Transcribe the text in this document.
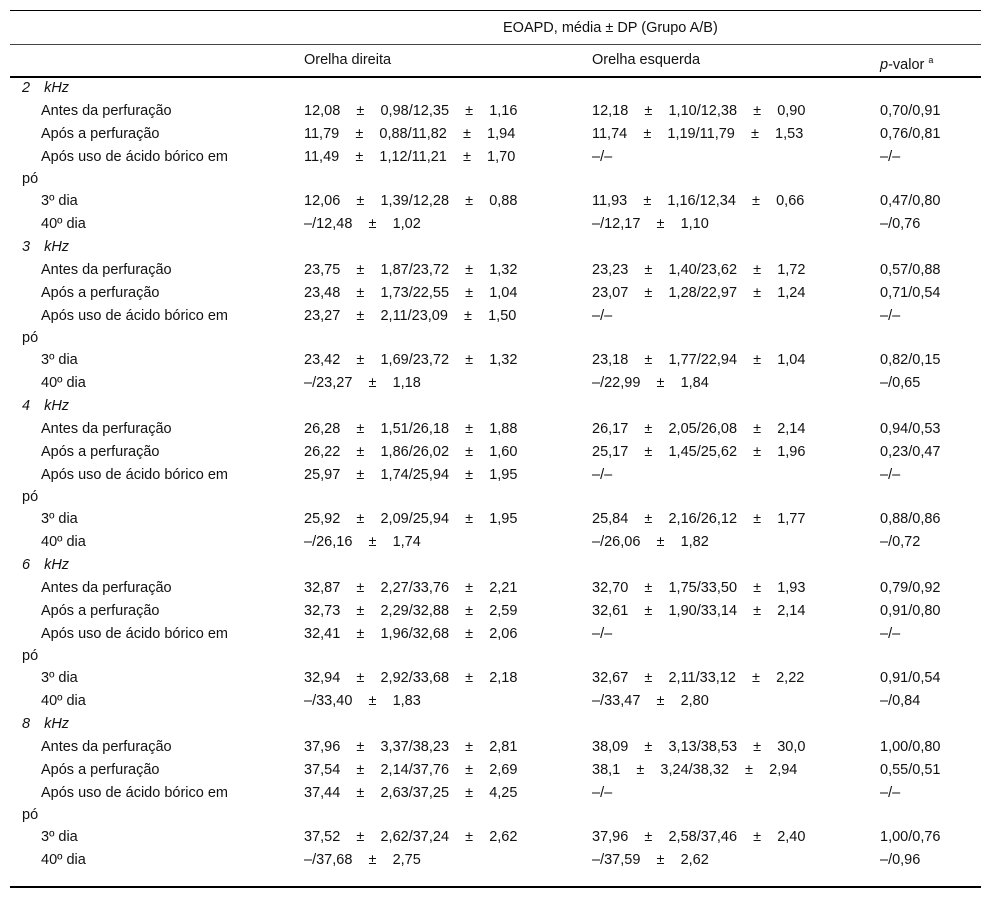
EOAPD, média ± DP (Grupo A/B)
Orelha direita	Orelha esquerda	p-valor $^a$
2 kHz
Antes da perfuração	12,08    ±    0,98/12,35    ±    1,16	12,18    ±    1,10/12,38    ±    0,90	0,70/0,91
Após a perfuração	11,79    ±    0,88/11,82    ±    1,94	11,74    ±    1,19/11,79    ±    1,53	0,76/0,81
Após uso de ácido bórico em	11,49    ±    1,12/11,21    ±    1,70	–/–	–/–
pó
3º dia	12,06    ±    1,39/12,28    ±    0,88	11,93    ±    1,16/12,34    ±    0,66	0,47/0,80
40º dia	–/12,48    ±    1,02	–/12,17    ±    1,10	–/0,76
3 kHz
Antes da perfuração	23,75    ±    1,87/23,72    ±    1,32	23,23    ±    1,40/23,62    ±    1,72	0,57/0,88
Após a perfuração	23,48    ±    1,73/22,55    ±    1,04	23,07    ±    1,28/22,97    ±    1,24	0,71/0,54
Após uso de ácido bórico em	23,27    ±    2,11/23,09    ±    1,50	–/–	–/–
pó
3º dia	23,42    ±    1,69/23,72    ±    1,32	23,18    ±    1,77/22,94    ±    1,04	0,82/0,15
40º dia	–/23,27    ±    1,18	–/22,99    ±    1,84	–/0,65
4 kHz
Antes da perfuração	26,28    ±    1,51/26,18    ±    1,88	26,17    ±    2,05/26,08    ±    2,14	0,94/0,53
Após a perfuração	26,22    ±    1,86/26,02    ±    1,60	25,17    ±    1,45/25,62    ±    1,96	0,23/0,47
Após uso de ácido bórico em	25,97    ±    1,74/25,94    ±    1,95	–/–	–/–
pó
3º dia	25,92    ±    2,09/25,94    ±    1,95	25,84    ±    2,16/26,12    ±    1,77	0,88/0,86
40º dia	–/26,16    ±    1,74	–/26,06    ±    1,82	–/0,72
6 kHz
Antes da perfuração	32,87    ±    2,27/33,76    ±    2,21	32,70    ±    1,75/33,50    ±    1,93	0,79/0,92
Após a perfuração	32,73    ±    2,29/32,88    ±    2,59	32,61    ±    1,90/33,14    ±    2,14	0,91/0,80
Após uso de ácido bórico em	32,41    ±    1,96/32,68    ±    2,06	–/–	–/–
pó
3º dia	32,94    ±    2,92/33,68    ±    2,18	32,67    ±    2,11/33,12    ±    2,22	0,91/0,54
40º dia	–/33,40    ±    1,83	–/33,47    ±    2,80	–/0,84
8 kHz
Antes da perfuração	37,96    ±    3,37/38,23    ±    2,81	38,09    ±    3,13/38,53    ±    30,0	1,00/0,80
Após a perfuração	37,54    ±    2,14/37,76    ±    2,69	38,1    ±    3,24/38,32    ±    2,94	0,55/0,51
Após uso de ácido bórico em	37,44    ±    2,63/37,25    ±    4,25	–/–	–/–
pó
3º dia	37,52    ±    2,62/37,24    ±    2,62	37,96    ±    2,58/37,46    ±    2,40	1,00/0,76
40º dia	–/37,68    ±    2,75	–/37,59    ±    2,62	–/0,96
